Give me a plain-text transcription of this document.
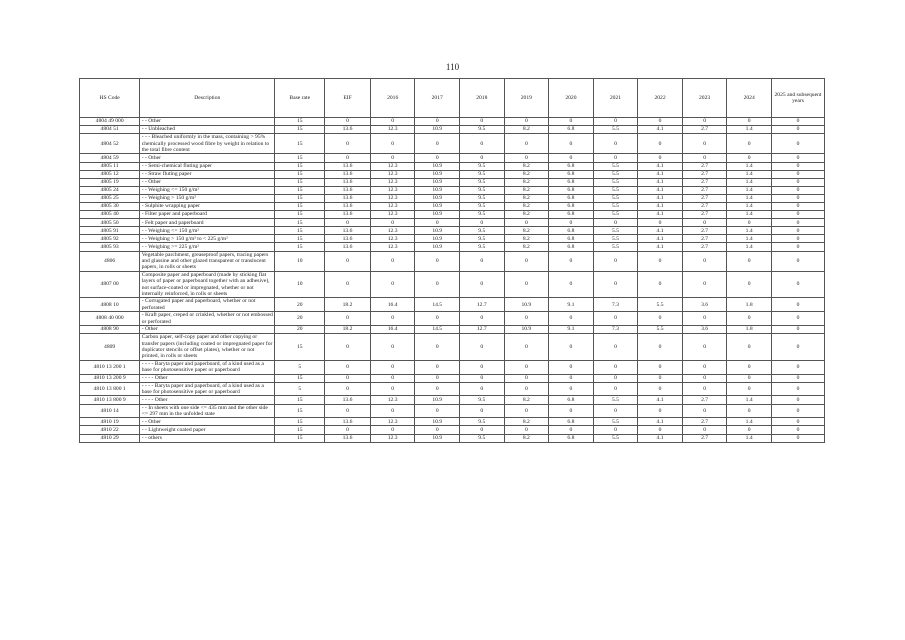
110
HS Code	Description	Base rate	EIF	2016	2017	2018	2019	2020	2021	2022	2023	2024	2025 and subsequent years
4804 49 000	- - Other	15	0	0	0	0	0	0	0	0	0	0	0
4804 51	- - Unbleached	15	13.6	12.3	10.9	9.5	8.2	6.8	5.5	4.1	2.7	1.4	0
4804 52	- - - Bleached uniformly in the mass, containing > 95% chemically processed wood fibre by weight in relation to the total fibre content	15	0	0	0	0	0	0	0	0	0	0	0
4804 59	- - Other	15	0	0	0	0	0	0	0	0	0	0	0
4805 11	- - Semi-chemical fluting paper	15	13.6	12.3	10.9	9.5	8.2	6.8	5.5	4.1	2.7	1.4	0
4805 12	- - Straw fluting paper	15	13.6	12.3	10.9	9.5	8.2	6.8	5.5	4.1	2.7	1.4	0
4805 19	- - Other	15	13.6	12.3	10.9	9.5	8.2	6.8	5.5	4.1	2.7	1.4	0
4805 24	- - Weighing <= 150 g/m²	15	13.6	12.3	10.9	9.5	8.2	6.8	5.5	4.1	2.7	1.4	0
4805 25	- - Weighing > 150 g/m²	15	13.6	12.3	10.9	9.5	8.2	6.8	5.5	4.1	2.7	1.4	0
4805 30	- Sulphite wrapping paper	15	13.6	12.3	10.9	9.5	8.2	6.8	5.5	4.1	2.7	1.4	0
4805 40	- Filter paper and paperboard	15	13.6	12.3	10.9	9.5	8.2	6.8	5.5	4.1	2.7	1.4	0
4805 50	- Felt paper and paperboard	15	0	0	0	0	0	0	0	0	0	0	0
4805 91	- - Weighing <= 150 g/m²	15	13.6	12.3	10.9	9.5	8.2	6.8	5.5	4.1	2.7	1.4	0
4805 92	- - Weighing > 150 g/m² to < 225 g/m²	15	13.6	12.3	10.9	9.5	8.2	6.8	5.5	4.1	2.7	1.4	0
4805 93	- - Weighing >= 225 g/m²	15	13.6	12.3	10.9	9.5	8.2	6.8	5.5	4.1	2.7	1.4	0
4806	Vegetable parchment, greaseproof papers, tracing papers and glassine and other glazed transparent or translucent papers, in rolls or sheets	10	0	0	0	0	0	0	0	0	0	0	0
4807 00	Composite paper and paperboard (made by sticking flat layers of paper or paperboard together with an adhesive), not surface-coated or impregnated, whether or not internally reinforced, in rolls or sheets	10	0	0	0	0	0	0	0	0	0	0	0
4808 10	- Corrugated paper and paperboard, whether or not perforated	20	18.2	16.4	14.5	12.7	10.9	9.1	7.3	5.5	3.6	1.8	0
4808 40 000	- Kraft paper, creped or crinkled, whether or not embossed or perforated	20	0	0	0	0	0	0	0	0	0	0	0
4808 90	- Other	20	18.2	16.4	14.5	12.7	10.9	9.1	7.3	5.5	3.6	1.8	0
4809	Carbon paper, self-copy paper and other copying or transfer papers (including coated or impregnated paper for duplicator stencils or offset plates), whether or not printed, in rolls or sheets	15	0	0	0	0	0	0	0	0	0	0	0
4810 13 200 1	- - - - Baryta paper and paperboard, of a kind used as a base for photosensitive paper or paperboard	5	0	0	0	0	0	0	0	0	0	0	0
4810 13 200 9	- - - - Other	15	0	0	0	0	0	0	0	0	0	0	0
4810 13 800 1	- - - - Baryta paper and paperboard, of a kind used as a base for photosensitive paper or paperboard	5	0	0	0	0	0	0	0	0	0	0	0
4810 13 800 9	- - - - Other	15	13.6	12.3	10.9	9.5	8.2	6.8	5.5	4.1	2.7	1.4	0
4810 14	- - In sheets with one side <= 435 mm and the other side <= 297 mm in the unfolded state	15	0	0	0	0	0	0	0	0	0	0	0
4810 19	- - Other	15	13.6	12.3	10.9	9.5	8.2	6.8	5.5	4.1	2.7	1.4	0
4810 22	- - Lightweight coated paper	15	0	0	0	0	0	0	0	0	0	0	0
4810 29	- - others	15	13.6	12.3	10.9	9.5	8.2	6.8	5.5	4.1	2.7	1.4	0
